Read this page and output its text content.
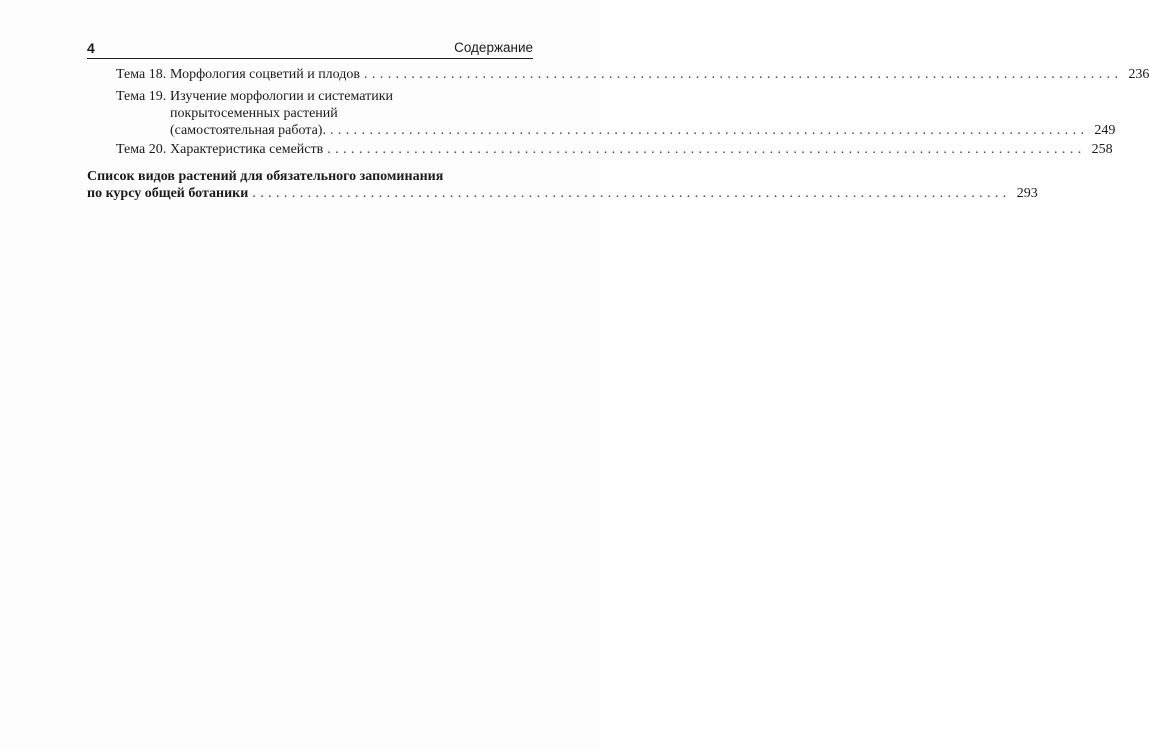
4	Содержание
Тема 18. Морфология соцветий и плодов ................................................................................................ 236
Тема 19. Изучение морфологии и систематики
покрытосеменных растений
(самостоятельная работа). ................................................................................................ 249
Тема 20. Характеристика семейств ................................................................................................ 258
Список видов растений для обязательного запоминания
по курсу общей ботаники ................................................................................................ 293
